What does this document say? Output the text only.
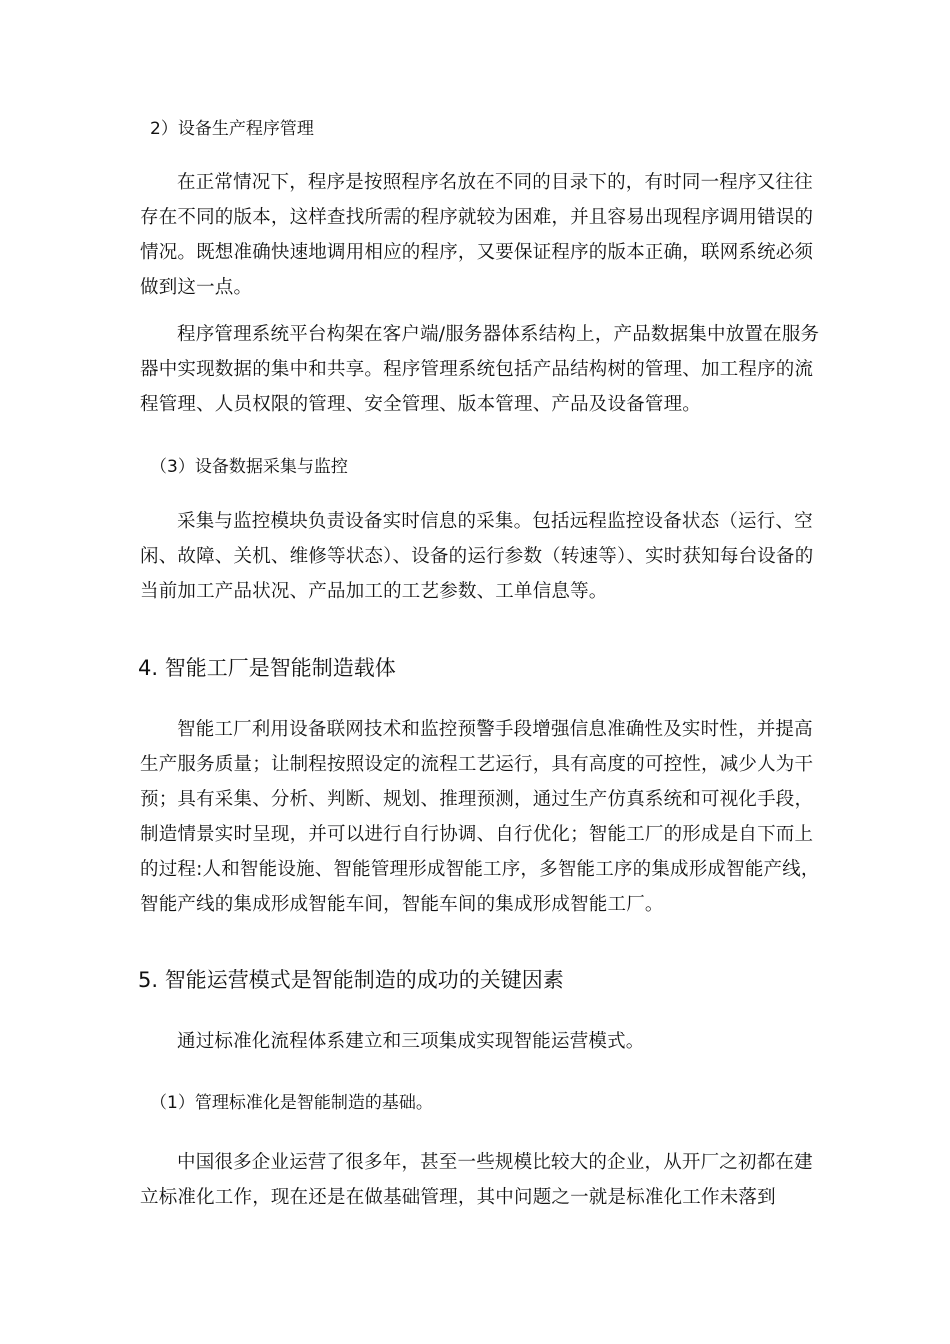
2）设备生产程序管理

在正常情况下，程序是按照程序名放在不同的目录下的，有时同一程序又往往存在不同的版本，这样查找所需的程序就较为困难，并且容易出现程序调用错误的情况。既想准确快速地调用相应的程序，又要保证程序的版本正确，联网系统必须做到这一点。

程序管理系统平台构架在客户端/服务器体系结构上，产品数据集中放置在服务器中实现数据的集中和共享。程序管理系统包括产品结构树的管理、加工程序的流程管理、人员权限的管理、安全管理、版本管理、产品及设备管理。

（3）设备数据采集与监控

采集与监控模块负责设备实时信息的采集。包括远程监控设备状态（运行、空闲、故障、关机、维修等状态）、设备的运行参数（转速等）、实时获知每台设备的当前加工产品状况、产品加工的工艺参数、工单信息等。

4. 智能工厂是智能制造载体

智能工厂利用设备联网技术和监控预警手段增强信息准确性及实时性，并提高生产服务质量；让制程按照设定的流程工艺运行，具有高度的可控性，减少人为干预；具有采集、分析、判断、规划、推理预测，通过生产仿真系统和可视化手段，制造情景实时呈现，并可以进行自行协调、自行优化；智能工厂的形成是自下而上的过程:人和智能设施、智能管理形成智能工序，多智能工序的集成形成智能产线，智能产线的集成形成智能车间，智能车间的集成形成智能工厂。

5. 智能运营模式是智能制造的成功的关键因素

通过标准化流程体系建立和三项集成实现智能运营模式。

（1）管理标准化是智能制造的基础。

中国很多企业运营了很多年，甚至一些规模比较大的企业，从开厂之初都在建立标准化工作，现在还是在做基础管理，其中问题之一就是标准化工作未落到
